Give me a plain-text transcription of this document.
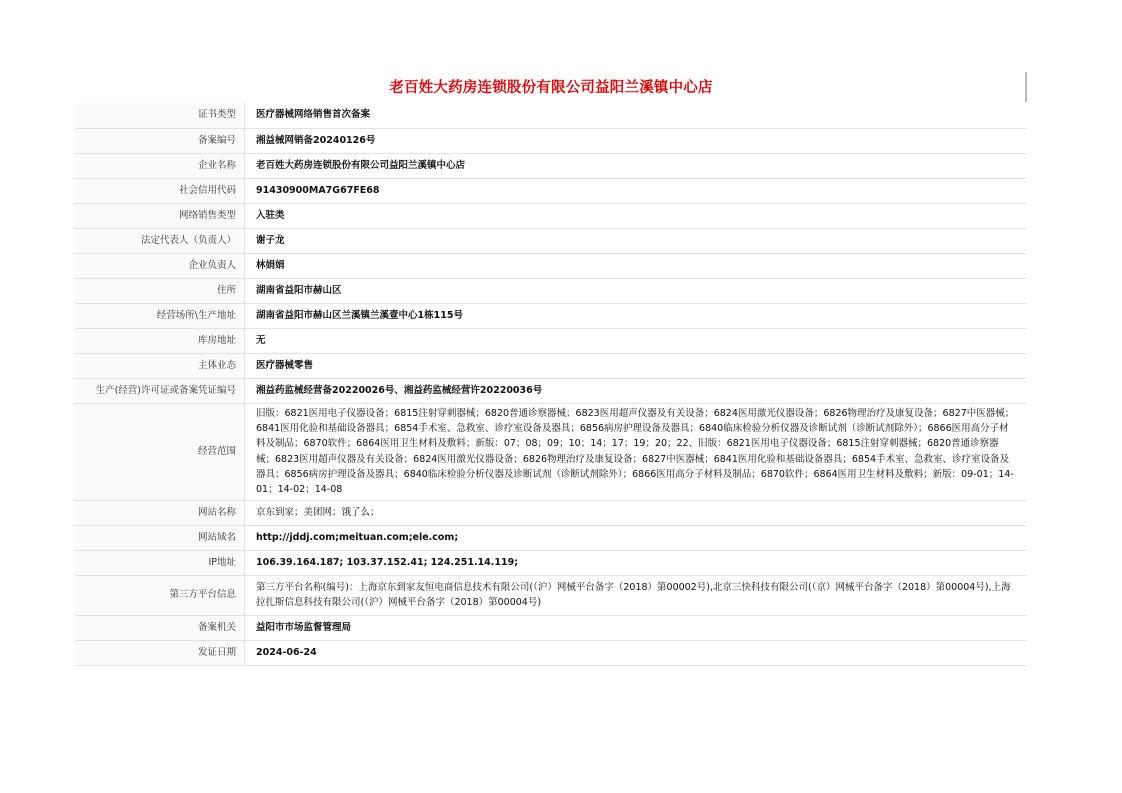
老百姓大药房连锁股份有限公司益阳兰溪镇中心店
证书类型	医疗器械网络销售首次备案
备案编号	湘益械网销备20240126号
企业名称	老百姓大药房连锁股份有限公司益阳兰溪镇中心店
社会信用代码	91430900MA7G67FE68
网络销售类型	入驻类
法定代表人（负责人）	谢子龙
企业负责人	林娟娟
住所	湖南省益阳市赫山区
经营场所\生产地址	湖南省益阳市赫山区兰溪镇兰溪壹中心1栋115号
库房地址	无
主体业态	医疗器械零售
生产(经营)许可证或备案凭证编号	湘益药监械经营备20220026号、湘益药监械经营许20220036号
经营范围	旧版：6821医用电子仪器设备；6815注射穿刺器械；6820普通诊察器械；6823医用超声仪器及有关设备；6824医用激光仪器设备；6826物理治疗及康复设备；6827中医器械；6841医用化验和基础设备器具；6854手术室、急救室、诊疗室设备及器具；6856病房护理设备及器具；6840临床检验分析仪器及诊断试剂（诊断试剂除外）；6866医用高分子材料及制品；6870软件；6864医用卫生材料及敷料；新版：07；08；09；10；14；17；19；20；22、旧版：6821医用电子仪器设备；6815注射穿刺器械；6820普通诊察器械；6823医用超声仪器及有关设备；6824医用激光仪器设备；6826物理治疗及康复设备；6827中医器械；6841医用化验和基础设备器具；6854手术室、急救室、诊疗室设备及器具；6856病房护理设备及器具；6840临床检验分析仪器及诊断试剂（诊断试剂除外）；6866医用高分子材料及制品；6870软件；6864医用卫生材料及敷料；新版：09-01；14-01；14-02；14-08
网站名称	京东到家；美团网；饿了么；
网站域名	http://jddj.com;meituan.com;ele.com;
IP地址	106.39.164.187; 103.37.152.41; 124.251.14.119;
第三方平台信息	第三方平台名称(编号)：上海京东到家友恒电商信息技术有限公司(（沪）网械平台备字（2018）第00002号),北京三快科技有限公司(（京）网械平台备字（2018）第00004号),上海拉扎斯信息科技有限公司(（沪）网械平台备字（2018）第00004号)
备案机关	益阳市市场监督管理局
发证日期	2024-06-24
